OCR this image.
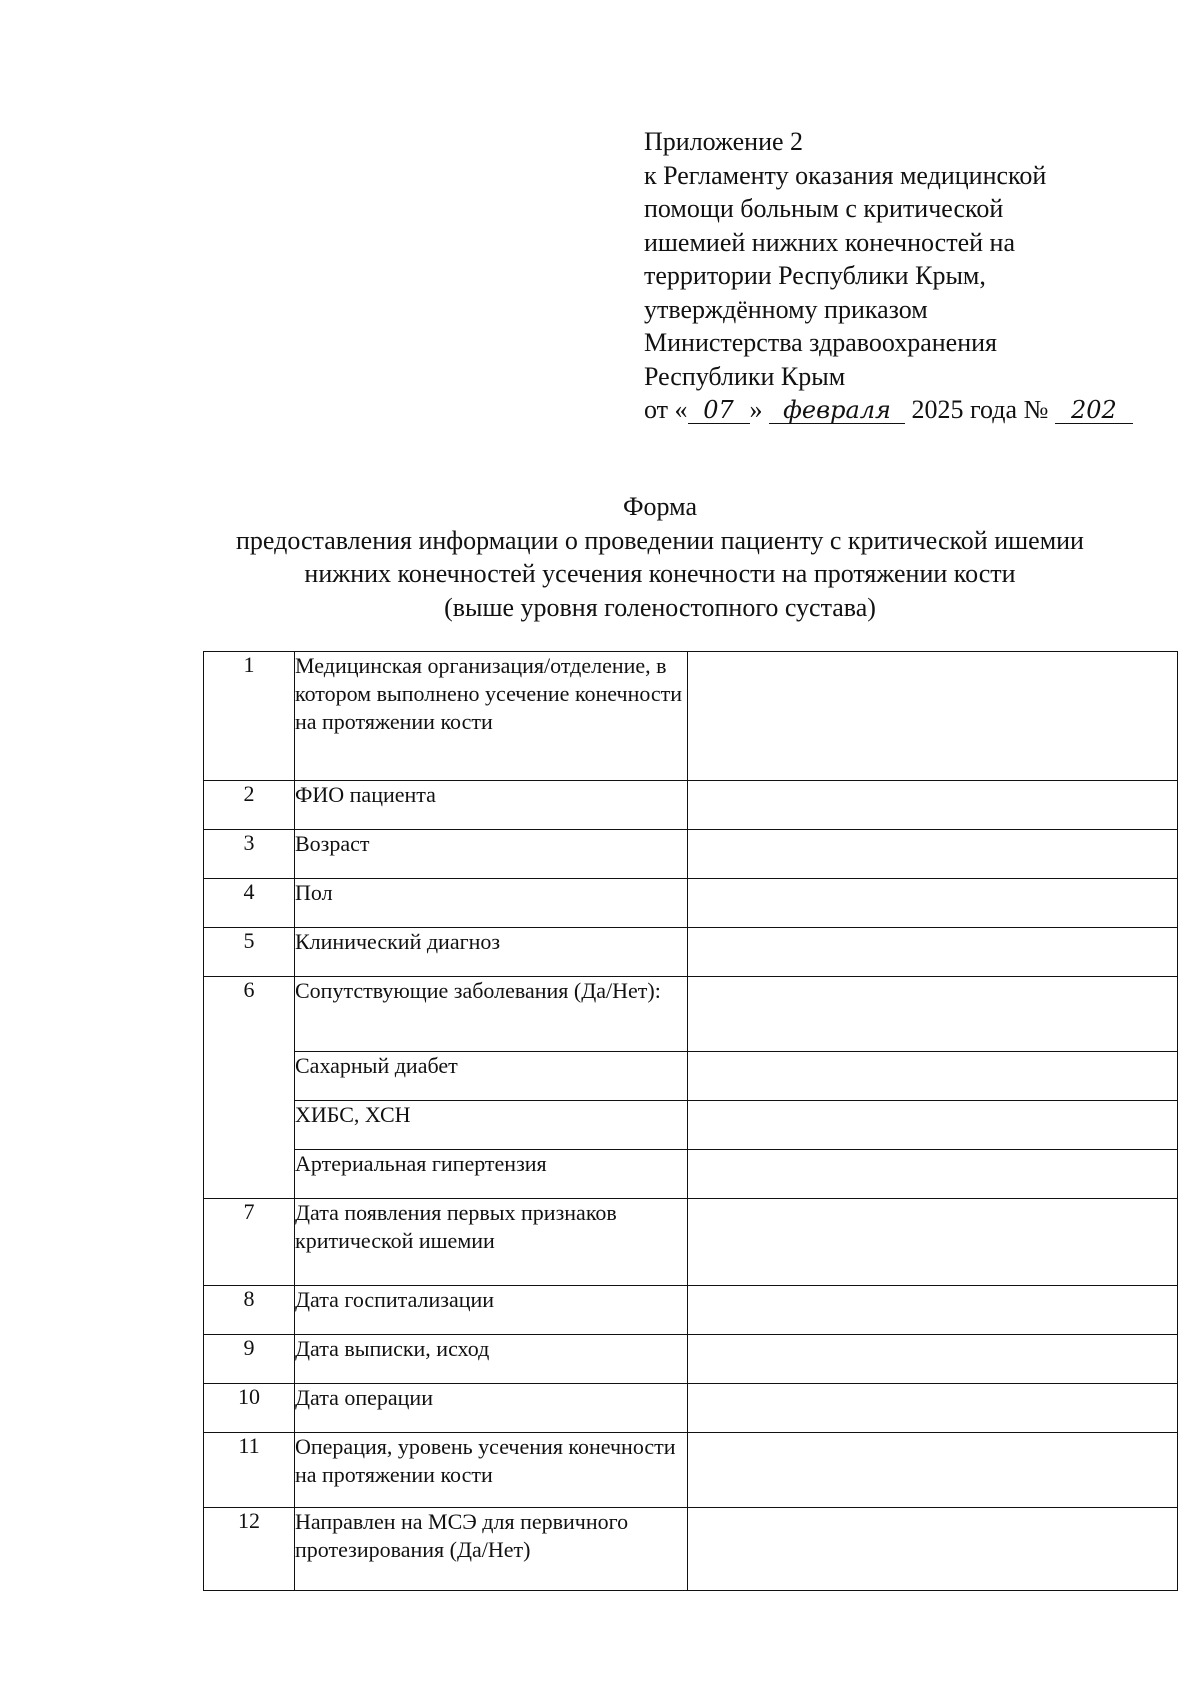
Приложение 2
к Регламенту оказания медицинской
помощи больным с критической
ишемией нижних конечностей на
территории Республики Крым,
утверждённому приказом
Министерства здравоохранения
Республики Крым
от « 07 » февраля 2025 года № 202
Форма
предоставления информации о проведении пациенту с критической ишемии
нижних конечностей усечения конечности на протяжении кости
(выше уровня голеностопного сустава)
1	Медицинская организация/отделение, в котором выполнено усечение конечности на протяжении кости	
2	ФИО пациента	
3	Возраст	
4	Пол	
5	Клинический диагноз	
6	Сопутствующие заболевания (Да/Нет):	
	Сахарный диабет	
	ХИБС, ХСН	
	Артериальная гипертензия	
7	Дата появления первых признаков критической ишемии	
8	Дата госпитализации	
9	Дата выписки, исход	
10	Дата операции	
11	Операция, уровень усечения конечности на протяжении кости	
12	Направлен на МСЭ для первичного протезирования (Да/Нет)	
